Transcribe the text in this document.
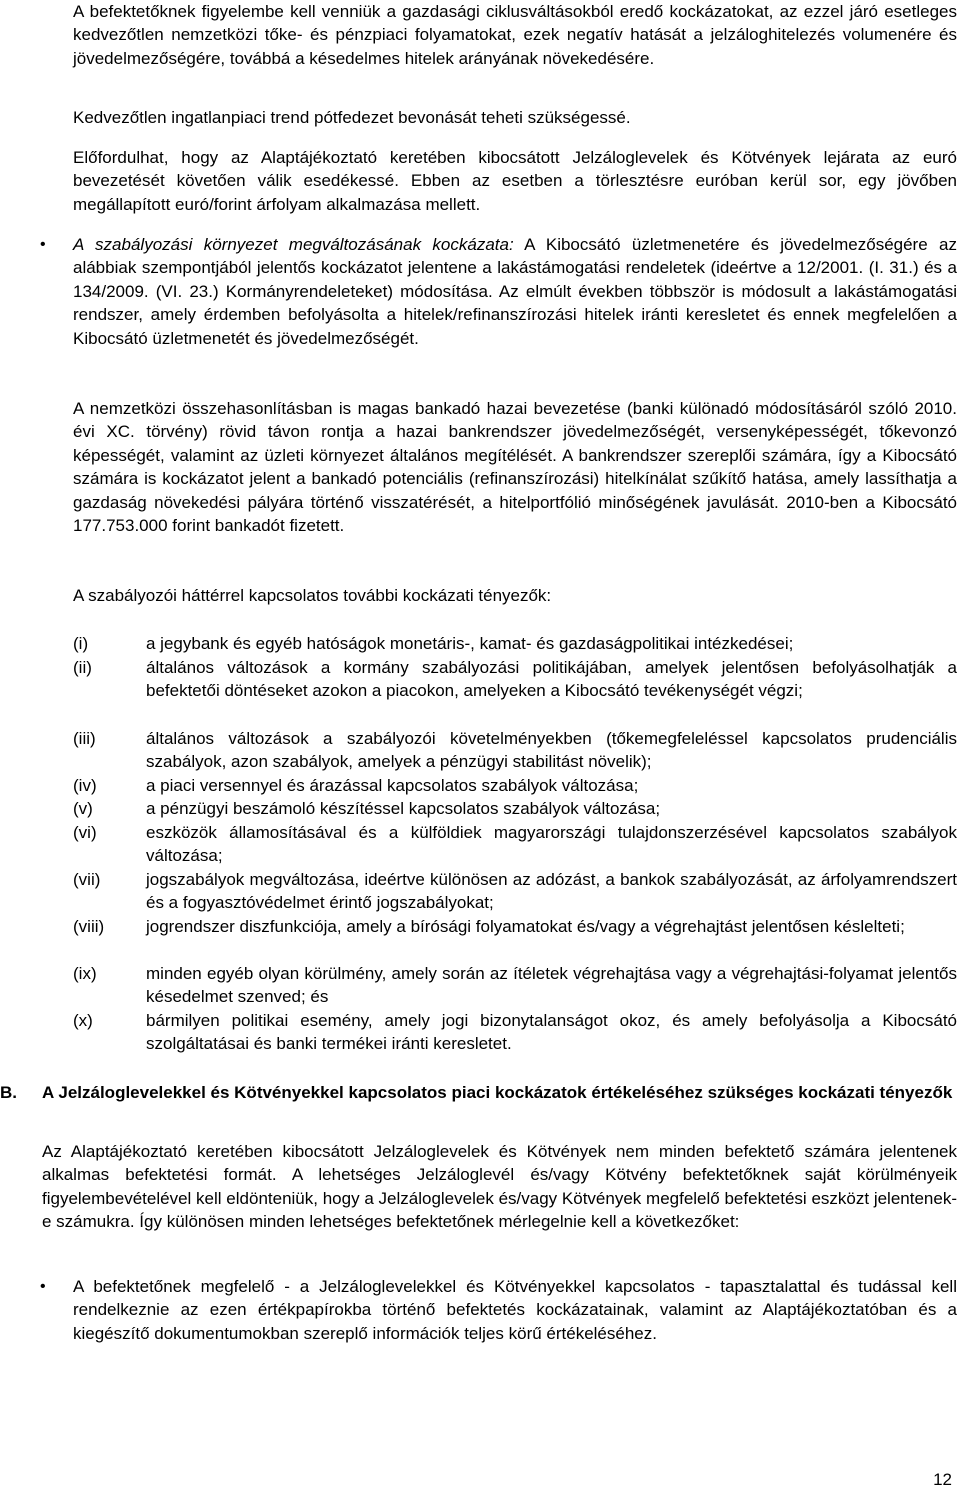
A befektetőknek figyelembe kell venniük a gazdasági ciklusváltásokból eredő kockázatokat, az ezzel járó esetleges kedvezőtlen nemzetközi tőke- és pénzpiaci folyamatokat, ezek negatív hatását a jelzáloghitelezés volumenére és jövedelmezőségére, továbbá a késedelmes hitelek arányának növekedésére.

Kedvezőtlen ingatlanpiaci trend pótfedezet bevonását teheti szükségessé.

Előfordulhat, hogy az Alaptájékoztató keretében kibocsátott Jelzáloglevelek és Kötvények lejárata az euró bevezetését követően válik esedékessé. Ebben az esetben a törlesztésre euróban kerül sor, egy jövőben megállapított euró/forint árfolyam alkalmazása mellett.

• A szabályozási környezet megváltozásának kockázata: A Kibocsátó üzletmenetére és jövedelmezőségére az alábbiak szempontjából jelentős kockázatot jelentene a lakástámogatási rendeletek (ideértve a 12/2001. (I. 31.) és a 134/2009. (VI. 23.) Kormányrendeleteket) módosítása. Az elmúlt években többször is módosult a lakástámogatási rendszer, amely érdemben befolyásolta a hitelek/refinanszírozási hitelek iránti keresletet és ennek megfelelően a Kibocsátó üzletmenetét és jövedelmezőségét.

A nemzetközi összehasonlításban is magas bankadó hazai bevezetése (banki különadó módosításáról szóló 2010. évi XC. törvény) rövid távon rontja a hazai bankrendszer jövedelmezőségét, versenyképességét, tőkevonzó képességét, valamint az üzleti környezet általános megítélését. A bankrendszer szereplői számára, így a Kibocsátó számára is kockázatot jelent a bankadó potenciális (refinanszírozási) hitelkínálat szűkítő hatása, amely lassíthatja a gazdaság növekedési pályára történő visszatérését, a hitelportfólió minőségének javulását. 2010-ben a Kibocsátó 177.753.000 forint bankadót fizetett.

A szabályozói háttérrel kapcsolatos további kockázati tényezők:

(i)	a jegybank és egyéb hatóságok monetáris-, kamat- és gazdaságpolitikai intézkedései;
(ii)	általános változások a kormány szabályozási politikájában, amelyek jelentősen befolyásolhatják a befektetői döntéseket azokon a piacokon, amelyeken a Kibocsátó tevékenységét végzi;
(iii)	általános változások a szabályozói követelményekben (tőkemegfeleléssel kapcsolatos prudenciális szabályok, azon szabályok, amelyek a pénzügyi stabilitást növelik);
(iv)	a piaci versennyel és árazással kapcsolatos szabályok változása;
(v)	a pénzügyi beszámoló készítéssel kapcsolatos szabályok változása;
(vi)	eszközök államosításával és a külföldiek magyarországi tulajdonszerzésével kapcsolatos szabályok változása;
(vii)	jogszabályok megváltozása, ideértve különösen az adózást, a bankok szabályozását, az árfolyamrendszert és a fogyasztóvédelmet érintő jogszabályokat;
(viii)	jogrendszer diszfunkciója, amely a bírósági folyamatokat és/vagy a végrehajtást jelentősen késlelteti;
(ix)	minden egyéb olyan körülmény, amely során az ítéletek végrehajtása vagy a végrehajtási-folyamat jelentős késedelmet szenved; és
(x)	bármilyen politikai esemény, amely jogi bizonytalanságot okoz, és amely befolyásolja a Kibocsátó szolgáltatásai és banki termékei iránti keresletet.
B. A Jelzáloglevelekkel és Kötvényekkel kapcsolatos piaci kockázatok értékeléséhez szükséges kockázati tényezők

Az Alaptájékoztató keretében kibocsátott Jelzáloglevelek és Kötvények nem minden befektető számára jelentenek alkalmas befektetési formát. A lehetséges Jelzáloglevél és/vagy Kötvény befektetőknek saját körülményeik figyelembevételével kell eldönteniük, hogy a Jelzáloglevelek és/vagy Kötvények megfelelő befektetési eszközt jelentenek-e számukra. Így különösen minden lehetséges befektetőnek mérlegelnie kell a következőket:

• A befektetőnek megfelelő - a Jelzáloglevelekkel és Kötvényekkel kapcsolatos - tapasztalattal és tudással kell rendelkeznie az ezen értékpapírokba történő befektetés kockázatainak, valamint az Alaptájékoztatóban és a kiegészítő dokumentumokban szereplő információk teljes körű értékeléséhez.

12
